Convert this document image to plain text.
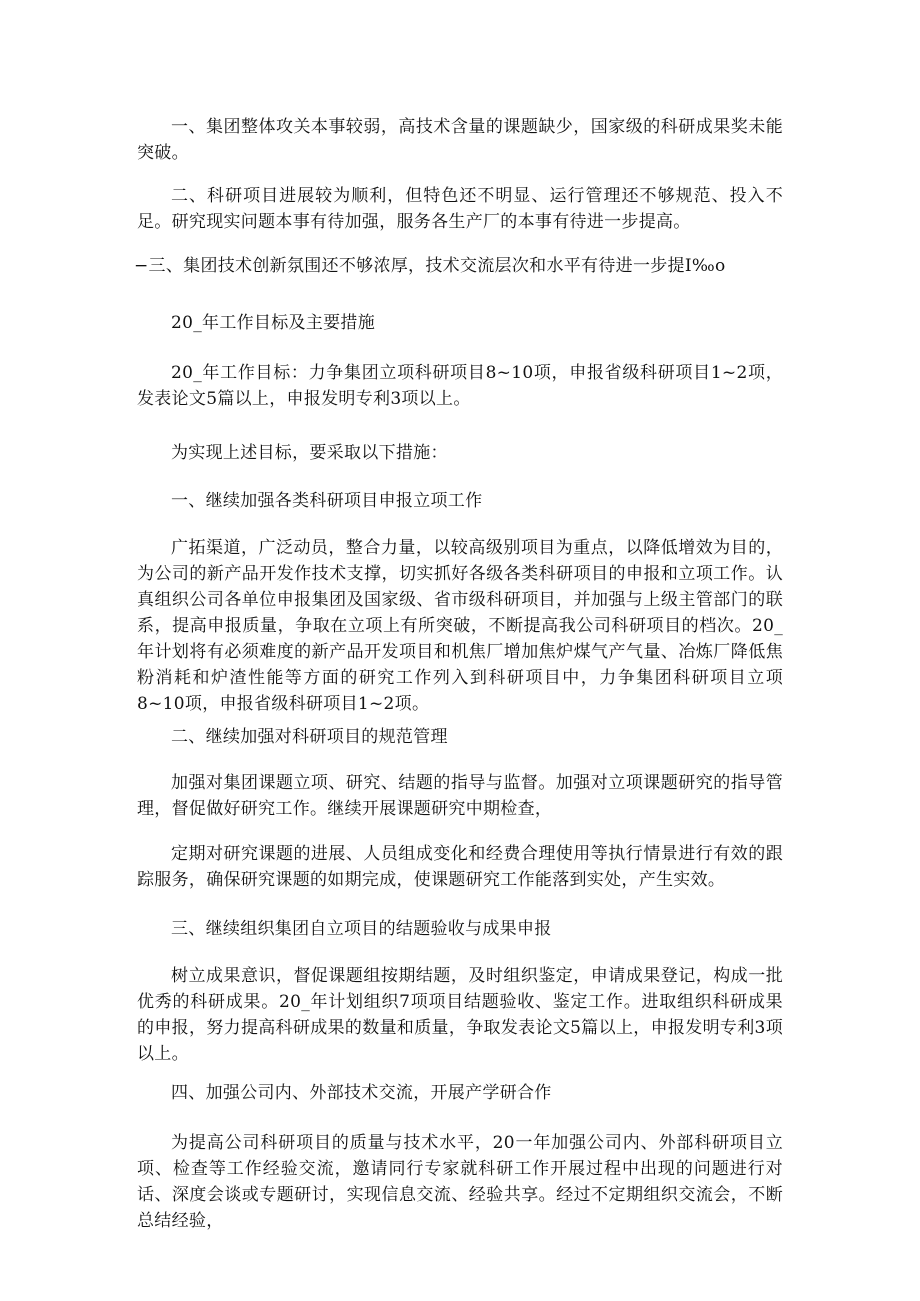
一、集团整体攻关本事较弱，高技术含量的课题缺少，国家级的科研成果奖未能突破。

二、科研项目进展较为顺利，但特色还不明显、运行管理还不够规范、投入不足。研究现实问题本事有待加强，服务各生产厂的本事有待进一步提高。

−三、集团技术创新氛围还不够浓厚，技术交流层次和水平有待进一步提I‰o

20_年工作目标及主要措施

20_年工作目标：力争集团立项科研项目8~10项，申报省级科研项目1~2项，发表论文5篇以上，申报发明专利3项以上。

为实现上述目标，要采取以下措施：

一、继续加强各类科研项目申报立项工作

广拓渠道，广泛动员，整合力量，以较高级别项目为重点，以降低增效为目的，为公司的新产品开发作技术支撑，切实抓好各级各类科研项目的申报和立项工作。认真组织公司各单位申报集团及国家级、省市级科研项目，并加强与上级主管部门的联系，提高申报质量，争取在立项上有所突破，不断提高我公司科研项目的档次。20_年计划将有必须难度的新产品开发项目和机焦厂增加焦炉煤气产气量、冶炼厂降低焦粉消耗和炉渣性能等方面的研究工作列入到科研项目中，力争集团科研项目立项8~10项，申报省级科研项目1~2项。

二、继续加强对科研项目的规范管理

加强对集团课题立项、研究、结题的指导与监督。加强对立项课题研究的指导管理，督促做好研究工作。继续开展课题研究中期检查，

定期对研究课题的进展、人员组成变化和经费合理使用等执行情景进行有效的跟踪服务，确保研究课题的如期完成，使课题研究工作能落到实处，产生实效。

三、继续组织集团自立项目的结题验收与成果申报

树立成果意识，督促课题组按期结题，及时组织鉴定，申请成果登记，构成一批优秀的科研成果。20_年计划组织7项项目结题验收、鉴定工作。进取组织科研成果的申报，努力提高科研成果的数量和质量，争取发表论文5篇以上，申报发明专利3项以上。

四、加强公司内、外部技术交流，开展产学研合作

为提高公司科研项目的质量与技术水平，20一年加强公司内、外部科研项目立项、检查等工作经验交流，邀请同行专家就科研工作开展过程中出现的问题进行对话、深度会谈或专题研讨，实现信息交流、经验共享。经过不定期组织交流会，不断总结经验，
